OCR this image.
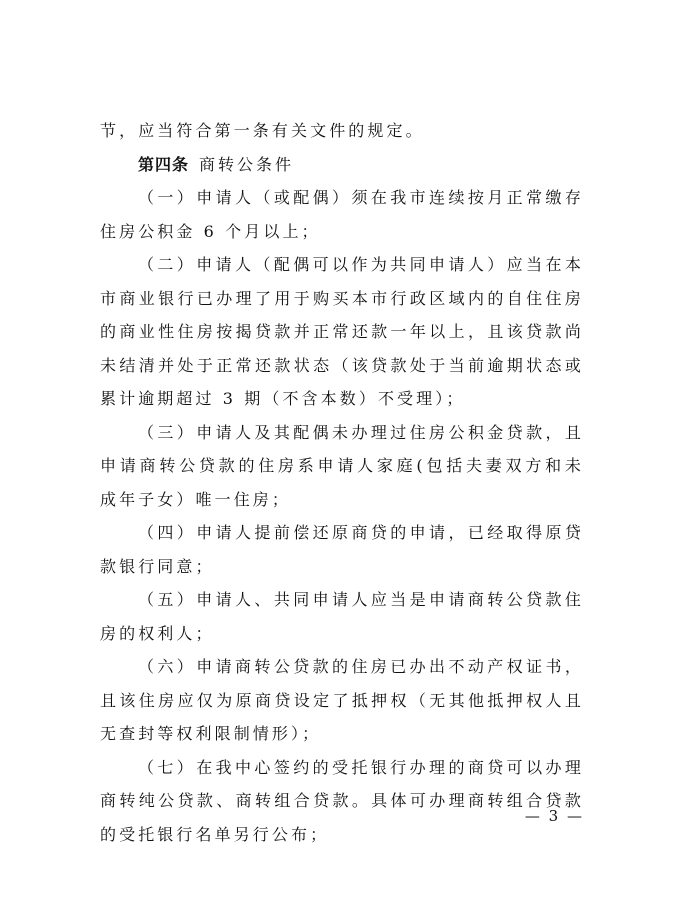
节，应当符合第一条有关文件的规定。

第四条 商转公条件

（一）申请人（或配偶）须在我市连续按月正常缴存住房公积金 6 个月以上；

（二）申请人（配偶可以作为共同申请人）应当在本市商业银行已办理了用于购买本市行政区域内的自住住房的商业性住房按揭贷款并正常还款一年以上，且该贷款尚未结清并处于正常还款状态（该贷款处于当前逾期状态或累计逾期超过 3 期（不含本数）不受理）；

（三）申请人及其配偶未办理过住房公积金贷款，且申请商转公贷款的住房系申请人家庭(包括夫妻双方和未成年子女）唯一住房；

（四）申请人提前偿还原商贷的申请，已经取得原贷款银行同意；

（五）申请人、共同申请人应当是申请商转公贷款住房的权利人；

（六）申请商转公贷款的住房已办出不动产权证书，且该住房应仅为原商贷设定了抵押权（无其他抵押权人且无查封等权利限制情形）；

（七）在我中心签约的受托银行办理的商贷可以办理商转纯公贷款、商转组合贷款。具体可办理商转组合贷款的受托银行名单另行公布；

— 3 —
